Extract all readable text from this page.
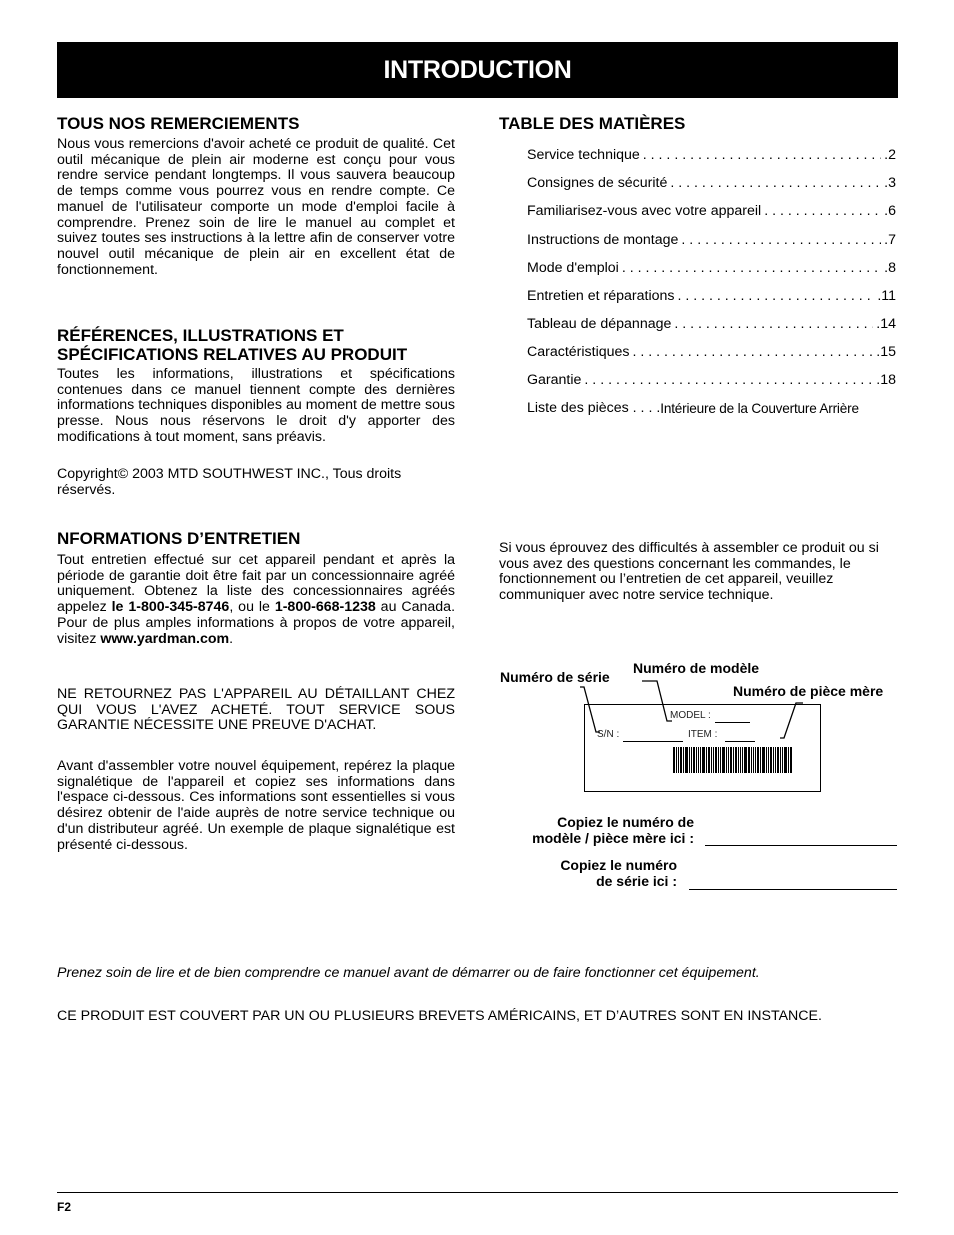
INTRODUCTION
TOUS NOS REMERCIEMENTS
Nous vous remercions d'avoir acheté ce produit de qualité. Cet outil mécanique de plein air moderne est conçu pour vous rendre service pendant longtemps. Il vous sauvera beaucoup de temps comme vous pourrez vous en rendre compte. Ce manuel de l'utilisateur comporte un mode d'emploi facile à comprendre. Prenez soin de lire le manuel au complet et suivez toutes ses instructions à la lettre afin de conserver votre nouvel outil mécanique de plein air en excellent état de fonctionnement.
RÉFÉRENCES, ILLUSTRATIONS ET
SPÉCIFICATIONS RELATIVES AU PRODUIT
Toutes les informations, illustrations et spécifications contenues dans ce manuel tiennent compte des dernières informations techniques disponibles au moment de mettre sous presse. Nous nous réservons le droit d'y apporter des modifications à tout moment, sans préavis.
Copyright© 2003 MTD SOUTHWEST INC., Tous droits réservés.
NFORMATIONS D’ENTRETIEN
Tout entretien effectué sur cet appareil pendant et après la période de garantie doit être fait par un concessionnaire agréé uniquement. Obtenez la liste des concessionnaires agréés appelez le 1-800-345-8746, ou le 1-800-668-1238 au Canada. Pour de plus amples informations à propos de votre appareil, visitez www.yardman.com.
NE RETOURNEZ PAS L'APPAREIL AU DÉTAILLANT CHEZ QUI VOUS L'AVEZ ACHETÉ. TOUT SERVICE SOUS GARANTIE NÉCESSITE UNE PREUVE D'ACHAT.
Avant d'assembler votre nouvel équipement, repérez la plaque signalétique de l'appareil et copiez ses informations dans l'espace ci-dessous. Ces informations sont essentielles si vous désirez obtenir de l'aide auprès de notre service technique ou d'un distributeur agréé. Un exemple de plaque signalétique est présenté ci-dessous.
TABLE DES MATIÈRES
Service technique . . .	.2
Consignes de sécurité . . .	.3
Familiarisez-vous avec votre appareil . . .	.6
Instructions de montage . . .	.7
Mode d'emploi . . .	.8
Entretien et réparations . . .	.11
Tableau de dépannage . . .	.14
Caractéristiques . . .	.15
Garantie . . .	.18
Liste des pièces . . . . Intérieure de la Couverture Arrière
Si vous éprouvez des difficultés à assembler ce produit ou si vous avez des questions concernant les commandes, le fonctionnement ou l’entretien de cet appareil, veuillez communiquer avec notre service technique.
Numéro de série
Numéro de modèle
Numéro de pièce mère
MODEL :
S/N :	ITEM :
Copiez le numéro de
modèle / pièce mère ici :
Copiez le numéro
de série ici :
Prenez soin de lire et de bien comprendre ce manuel avant de démarrer ou de faire fonctionner cet équipement.
CE PRODUIT EST COUVERT PAR UN OU PLUSIEURS BREVETS AMÉRICAINS, ET D’AUTRES SONT EN INSTANCE.
F2
